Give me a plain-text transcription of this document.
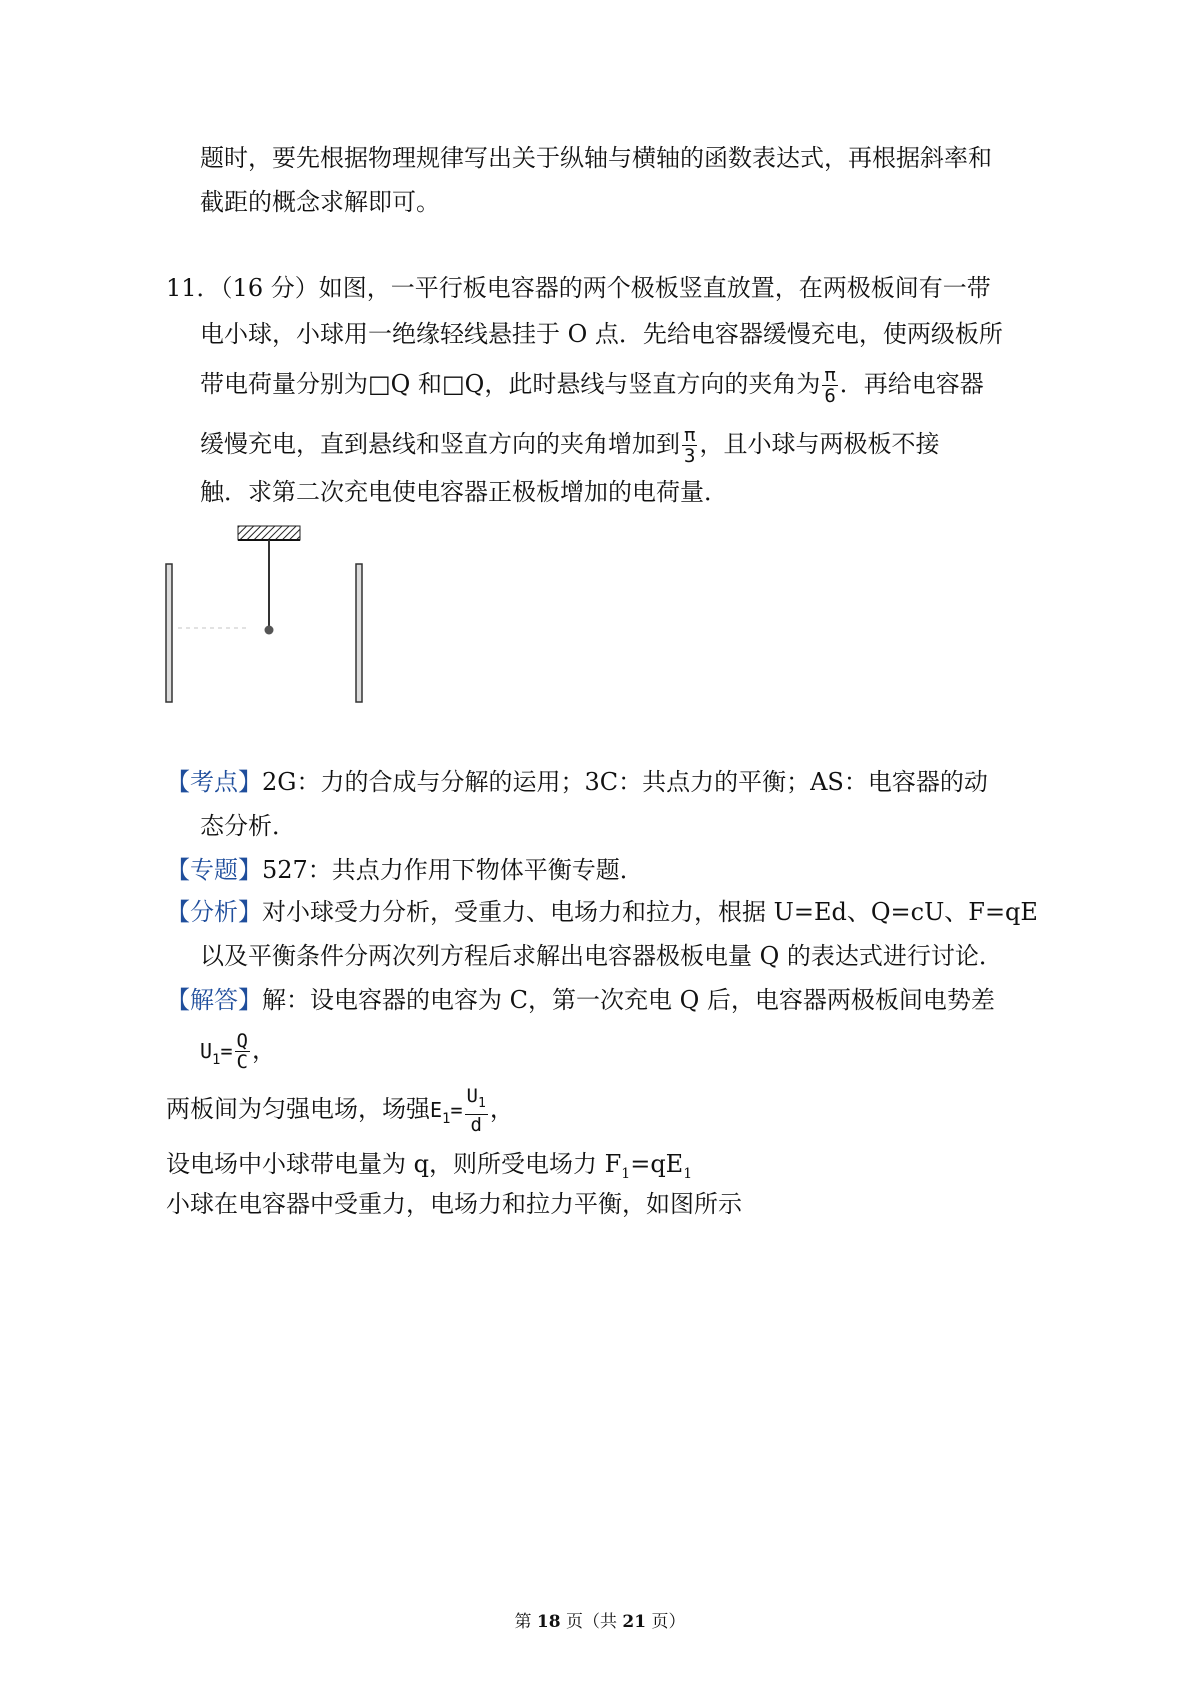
题时，要先根据物理规律写出关于纵轴与横轴的函数表达式，再根据斜率和
截距的概念求解即可。
11．（16 分）如图，一平行板电容器的两个极板竖直放置，在两极板间有一带
电小球，小球用一绝缘轻线悬挂于 O 点．先给电容器缓慢充电，使两级板所
带电荷量分别为□Q 和□Q，此时悬线与竖直方向的夹角为 $\frac{\pi}{6}$ ．再给电容器
缓慢充电，直到悬线和竖直方向的夹角增加到 $\frac{\pi}{3}$ ，且小球与两极板不接
触．求第二次充电使电容器正极板增加的电荷量．
【考点】2G：力的合成与分解的运用；3C：共点力的平衡；AS：电容器的动
态分析．
【专题】527：共点力作用下物体平衡专题．
【分析】对小球受力分析，受重力、电场力和拉力，根据 U=Ed、Q=cU、F=qE
以及平衡条件分两次列方程后求解出电容器极板电量 Q 的表达式进行讨论．
【解答】解：设电容器的电容为 C，第一次充电 Q 后，电容器两极板间电势差
$U_1= \frac{Q}{C}$ ，
两板间为匀强电场，场强$E_1= \frac{U_1}{d}$ ，
设电场中小球带电量为 q，则所受电场力 $F_1=qE_1$
小球在电容器中受重力，电场力和拉力平衡，如图所示
第 18 页（共 21 页）
